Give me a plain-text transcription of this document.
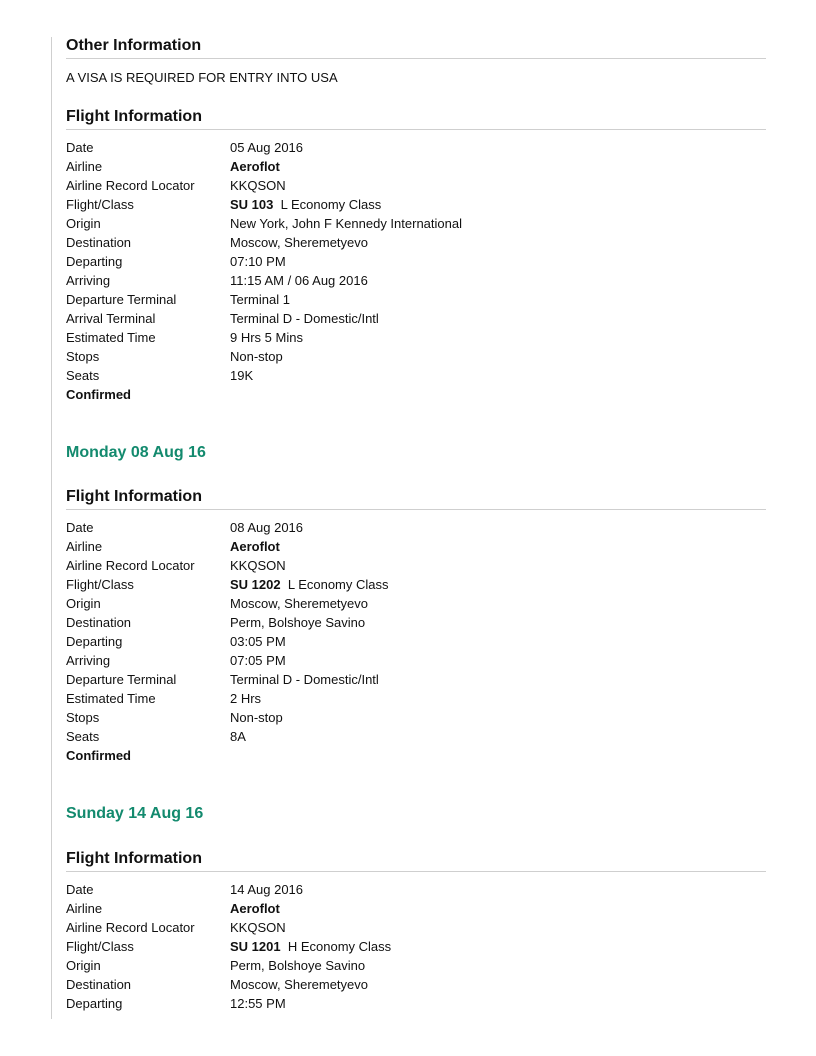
Other Information
A VISA IS REQUIRED FOR ENTRY INTO USA
Flight Information
Date	05 Aug 2016
Airline	Aeroflot
Airline Record Locator	KKQSON
Flight/Class	SU 103 L Economy Class
Origin	New York, John F Kennedy International
Destination	Moscow, Sheremetyevo
Departing	07:10 PM
Arriving	11:15 AM / 06 Aug 2016
Departure Terminal	Terminal 1
Arrival Terminal	Terminal D - Domestic/Intl
Estimated Time	9 Hrs 5 Mins
Stops	Non-stop
Seats	19K
Confirmed
Monday 08 Aug 16
Flight Information
Date	08 Aug 2016
Airline	Aeroflot
Airline Record Locator	KKQSON
Flight/Class	SU 1202 L Economy Class
Origin	Moscow, Sheremetyevo
Destination	Perm, Bolshoye Savino
Departing	03:05 PM
Arriving	07:05 PM
Departure Terminal	Terminal D - Domestic/Intl
Estimated Time	2 Hrs
Stops	Non-stop
Seats	8A
Confirmed
Sunday 14 Aug 16
Flight Information
Date	14 Aug 2016
Airline	Aeroflot
Airline Record Locator	KKQSON
Flight/Class	SU 1201 H Economy Class
Origin	Perm, Bolshoye Savino
Destination	Moscow, Sheremetyevo
Departing	12:55 PM
